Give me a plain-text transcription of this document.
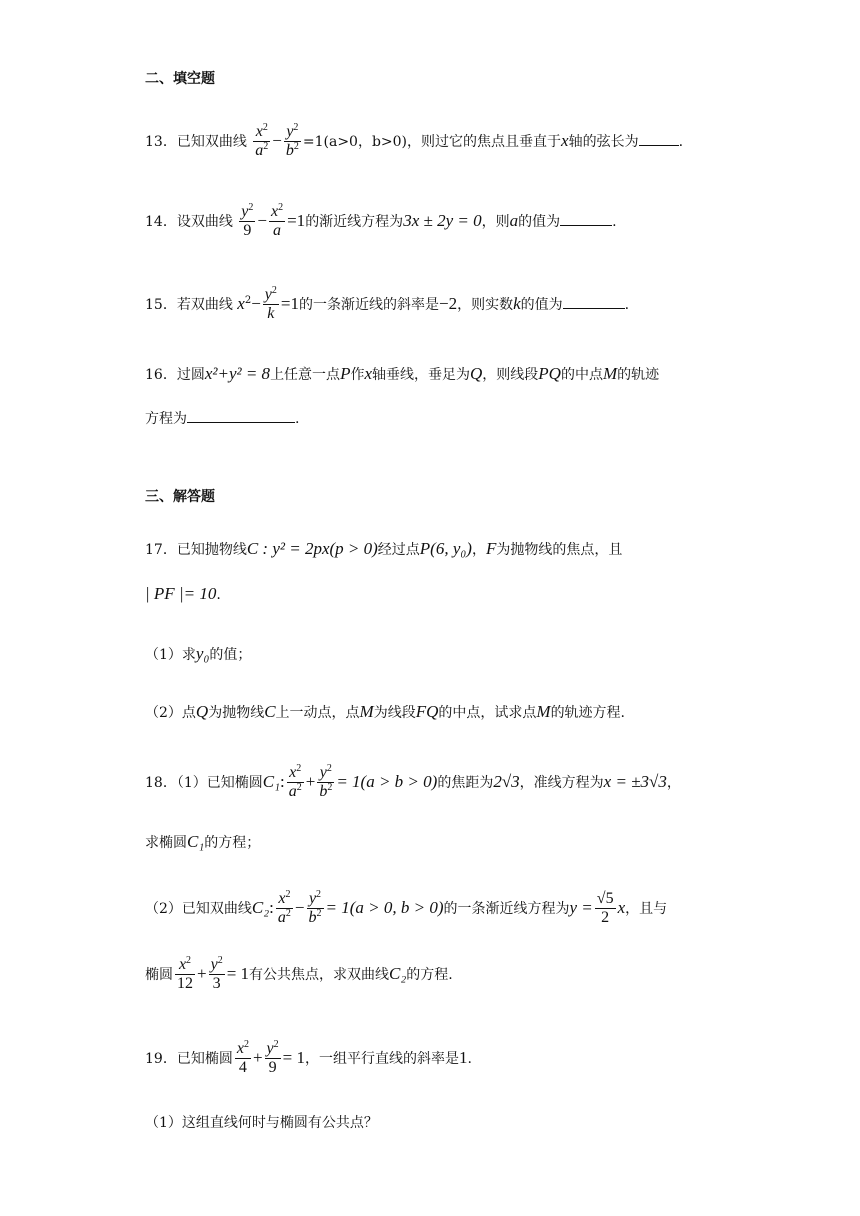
二、填空题
13．已知双曲线 $\frac{x^2}{a^2} - \frac{y^2}{b^2} =1(a>0$，b>0)，则过它的焦点且垂直于x轴的弦长为	.
14．设双曲线 $\frac{y^2}{9} - \frac{x^2}{a} =1$的渐近线方程为3x ± 2y = 0，则a的值为	.
15．若双曲线 $x^2- \frac{y^2}{k} =1$的一条渐近线的斜率是−2，则实数k的值为	.
16．过圆x²+y² = 8上任意一点P作x轴垂线，垂足为Q，则线段PQ的中点M的轨迹
方程为	.
三、解答题
17．已知抛物线C : y² = 2px(p > 0)经过点P(6, y₀)，F为抛物线的焦点，且
| PF |= 10.
（1）求y₀的值；
（2）点Q为抛物线C上一动点，点M为线段FQ的中点，试求点M的轨迹方程.
18．（1）已知椭圆C₁: $\frac{x^2}{a^2} + \frac{y^2}{b^2} = 1(a > b > 0)$的焦距为2√3，准线方程为x = ±3√3，
求椭圆C₁的方程；
（2）已知双曲线C₂: $\frac{x^2}{a^2} - \frac{y^2}{b^2} = 1(a > 0$, b > 0)的一条渐近线方程为$y = \frac{√5}{2}$ x，且与
椭圆 $\frac{x^2}{12} + \frac{y^2}{3} = 1$有公共焦点，求双曲线C₂的方程.
19．已知椭圆 $\frac{x^2}{4} + \frac{y^2}{9} = 1$，一组平行直线的斜率是1.
（1）这组直线何时与椭圆有公共点？
